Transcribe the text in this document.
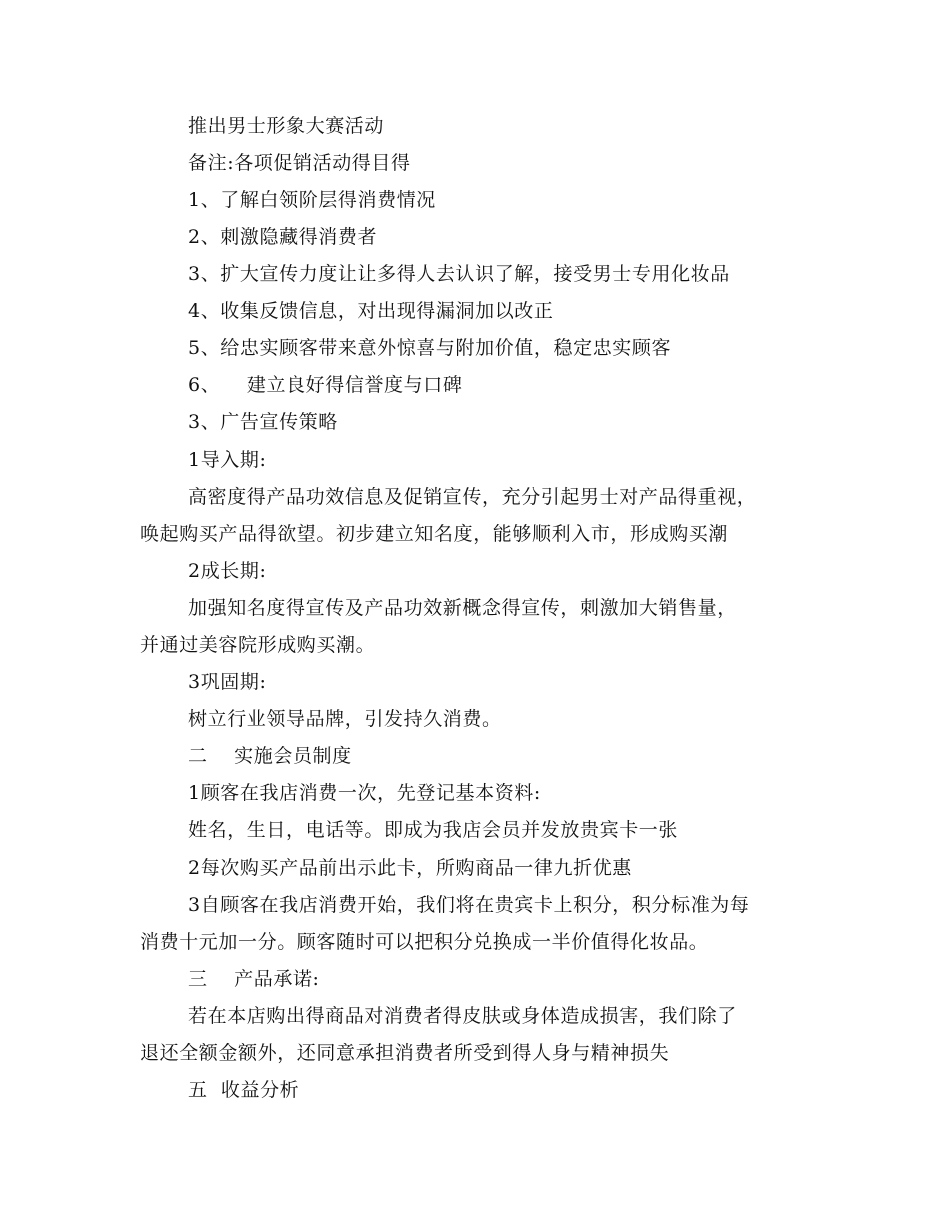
推出男士形象大赛活动
备注:各项促销活动得目得
1、了解白领阶层得消费情况
2、刺激隐藏得消费者
3、扩大宣传力度让让多得人去认识了解，接受男士专用化妆品
4、收集反馈信息，对出现得漏洞加以改正
5、给忠实顾客带来意外惊喜与附加价值，稳定忠实顾客
6、    建立良好得信誉度与口碑
3、广告宣传策略
1导入期:
高密度得产品功效信息及促销宣传，充分引起男士对产品得重视，
唤起购买产品得欲望。初步建立知名度，能够顺利入市，形成购买潮
2成长期:
加强知名度得宣传及产品功效新概念得宣传，刺激加大销售量，
并通过美容院形成购买潮。
3巩固期:
树立行业领导品牌，引发持久消费。
二    实施会员制度
1顾客在我店消费一次，先登记基本资料:
姓名，生日，电话等。即成为我店会员并发放贵宾卡一张
2每次购买产品前出示此卡，所购商品一律九折优惠
3自顾客在我店消费开始，我们将在贵宾卡上积分，积分标准为每
消费十元加一分。顾客随时可以把积分兑换成一半价值得化妆品。
三    产品承诺:
若在本店购出得商品对消费者得皮肤或身体造成损害，我们除了
退还全额金额外，还同意承担消费者所受到得人身与精神损失
五  收益分析
